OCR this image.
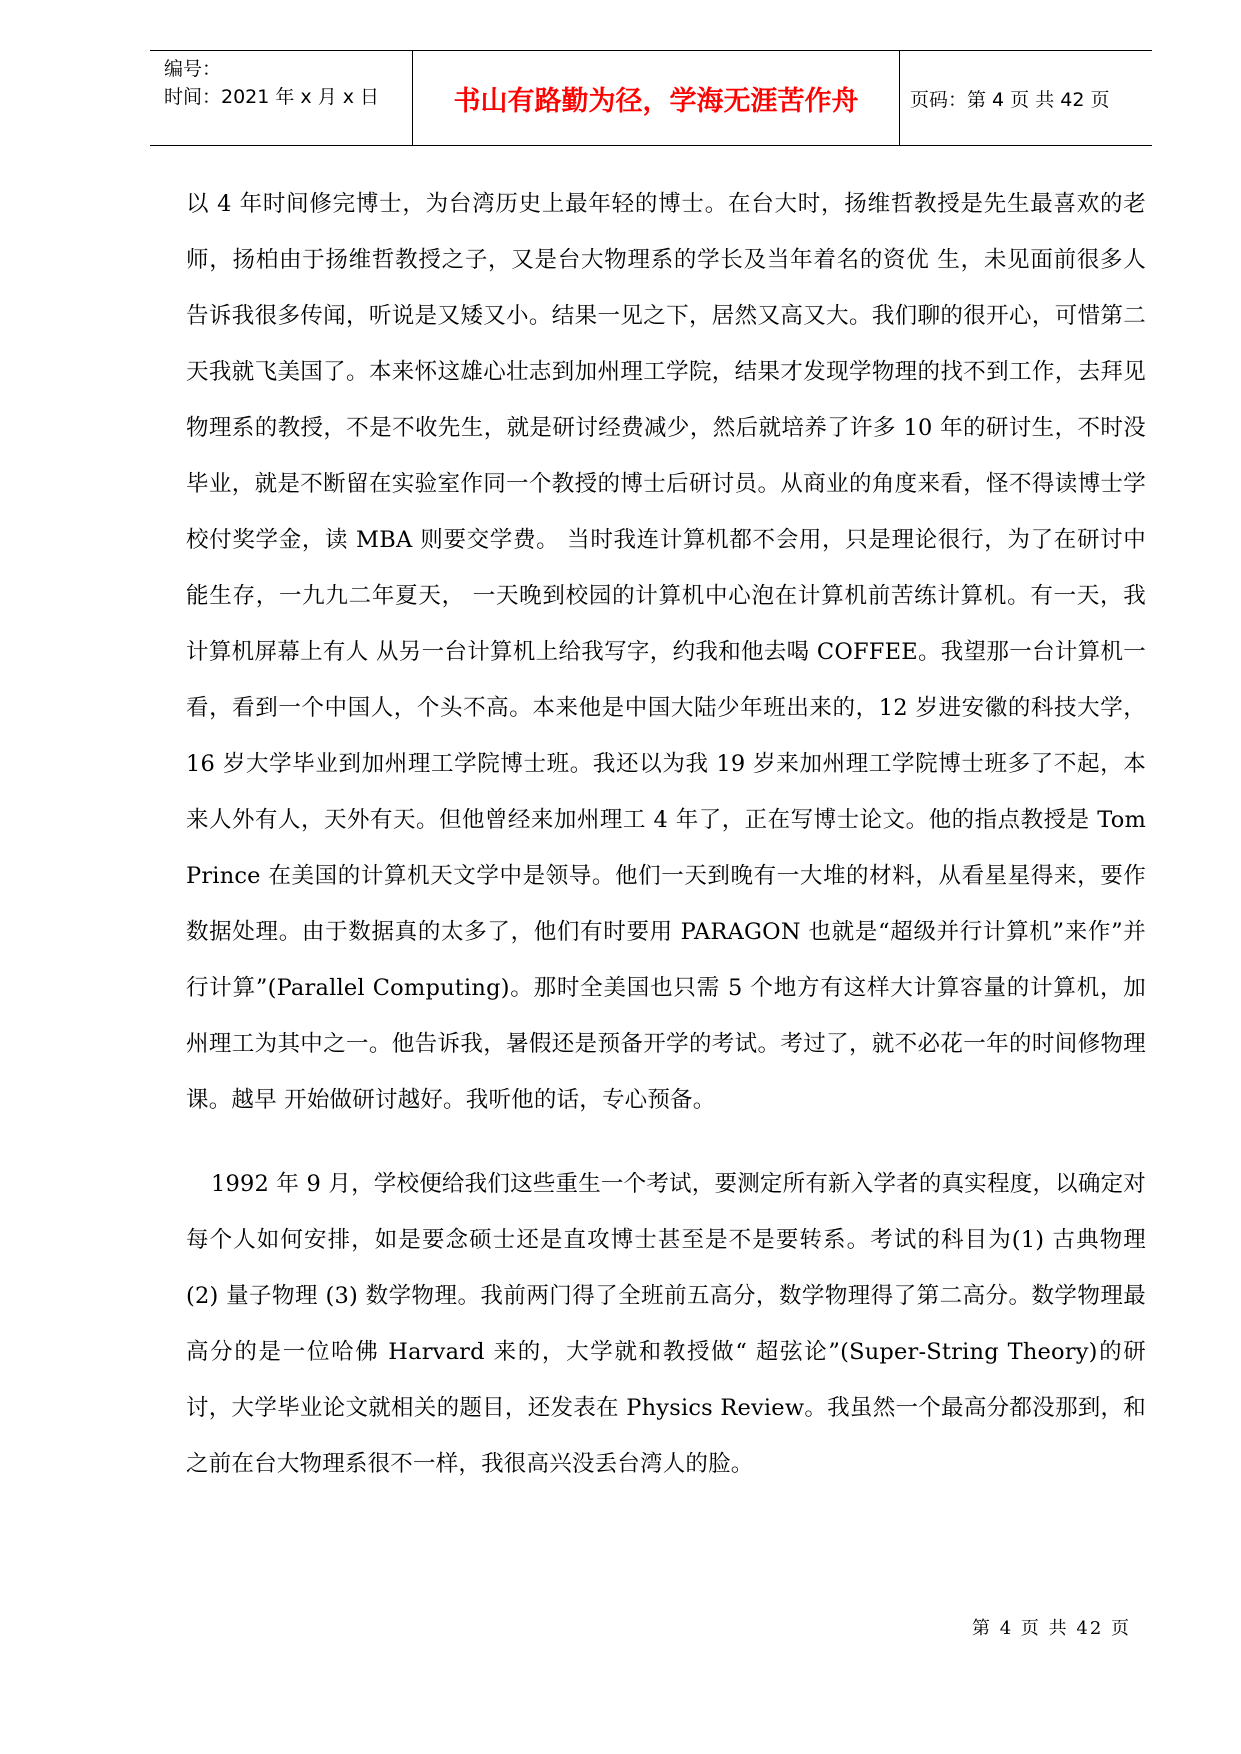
编号：
时间：2021 年 x 月 x 日	书山有路勤为径，学海无涯苦作舟	页码：第 4 页 共 42 页

以 4 年时间修完博士，为台湾历史上最年轻的博士。在台大时，扬维哲教授是先生最喜欢的老师，扬柏由于扬维哲教授之子，又是台大物理系的学长及当年着名的资优 生，未见面前很多人告诉我很多传闻，听说是又矮又小。结果一见之下，居然又高又大。我们聊的很开心，可惜第二天我就飞美国了。本来怀这雄心壮志到加州理工学院，结果才发现学物理的找不到工作，去拜见物理系的教授，不是不收先生，就是研讨经费减少，然后就培养了许多 10 年的研讨生，不时没毕业，就是不断留在实验室作同一个教授的博士后研讨员。从商业的角度来看，怪不得读博士学校付奖学金，读 MBA 则要交学费。 当时我连计算机都不会用，只是理论很行，为了在研讨中能生存，一九九二年夏天， 一天晚到校园的计算机中心泡在计算机前苦练计算机。有一天，我计算机屏幕上有人 从另一台计算机上给我写字，约我和他去喝 COFFEE。我望那一台计算机一看，看到一个中国人，个头不高。本来他是中国大陆少年班出来的，12 岁进安徽的科技大学， 16 岁大学毕业到加州理工学院博士班。我还以为我 19 岁来加州理工学院博士班多了不起，本来人外有人，天外有天。但他曾经来加州理工 4 年了，正在写博士论文。他的指点教授是 Tom Prince 在美国的计算机天文学中是领导。他们一天到晚有一大堆的材料，从看星星得来，要作数据处理。由于数据真的太多了，他们有时要用 PARAGON 也就是“超级并行计算机”来作”并行计算”(Parallel Computing)。那时全美国也只需 5 个地方有这样大计算容量的计算机，加州理工为其中之一。他告诉我，暑假还是预备开学的考试。考过了，就不必花一年的时间修物理课。越早 开始做研讨越好。我听他的话，专心预备。

1992 年 9 月，学校便给我们这些重生一个考试，要测定所有新入学者的真实程度，以确定对每个人如何安排，如是要念硕士还是直攻博士甚至是不是要转系。考试的科目为(1) 古典物理 (2) 量子物理 (3) 数学物理。我前两门得了全班前五高分，数学物理得了第二高分。数学物理最高分的是一位哈佛 Harvard 来的，大学就和教授做“ 超弦论”(Super-String Theory)的研讨，大学毕业论文就相关的题目，还发表在 Physics Review。我虽然一个最高分都没那到，和之前在台大物理系很不一样，我很高兴没丢台湾人的脸。

第 4 页 共 42 页
